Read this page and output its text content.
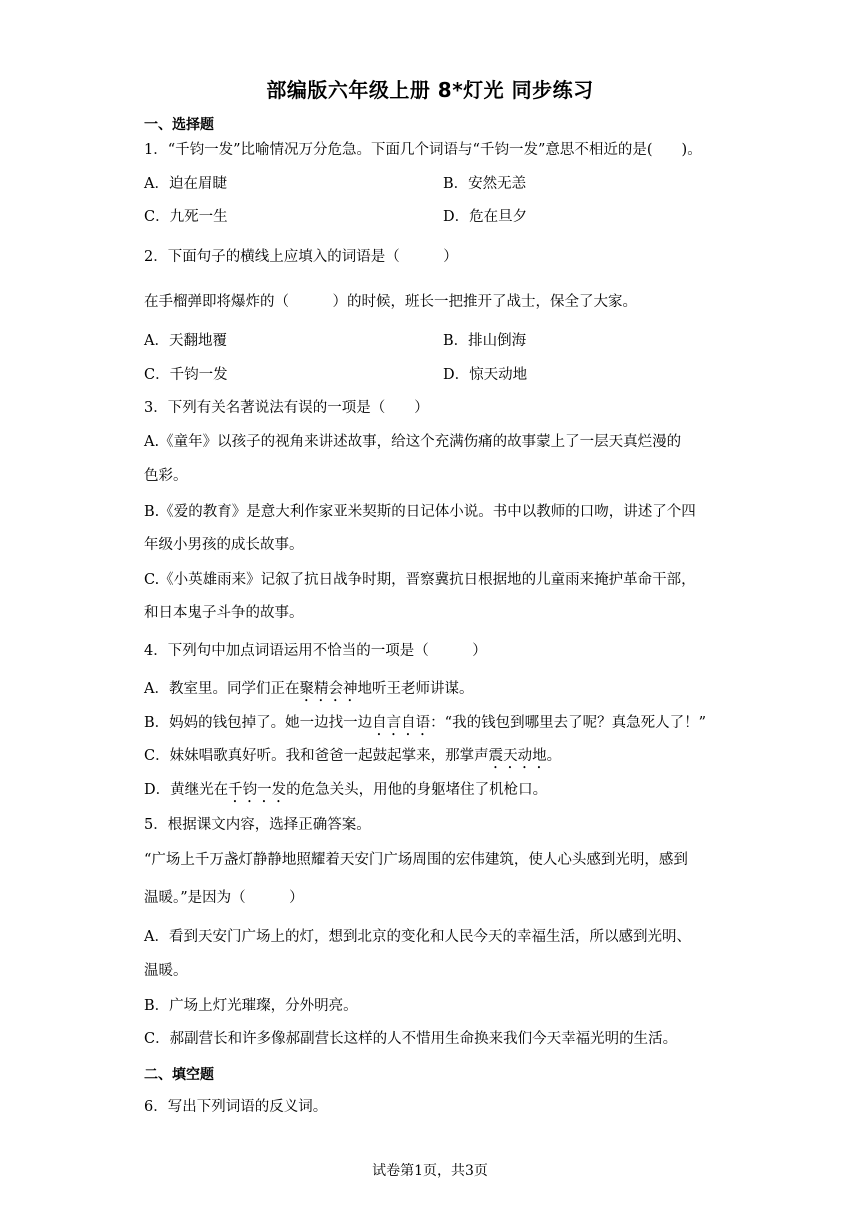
部编版六年级上册 8*灯光 同步练习
一、选择题
1．“千钧一发”比喻情况万分危急。下面几个词语与“千钧一发”意思不相近的是(　　)。
A．迫在眉睫	B．安然无恙
C．九死一生	D．危在旦夕
2．下面句子的横线上应填入的词语是（　　　）
在手榴弹即将爆炸的（　　　）的时候，班长一把推开了战士，保全了大家。
A．天翻地覆	B．排山倒海
C．千钧一发	D．惊天动地
3．下列有关名著说法有误的一项是（　　）
A.《童年》以孩子的视角来讲述故事，给这个充满伤痛的故事蒙上了一层天真烂漫的
色彩。
B.《爱的教育》是意大利作家亚米契斯的日记体小说。书中以教师的口吻，讲述了个四
年级小男孩的成长故事。
C.《小英雄雨来》记叙了抗日战争时期，晋察冀抗日根据地的儿童雨来掩护革命干部，
和日本鬼子斗争的故事。
4．下列句中加点词语运用不恰当的一项是（　　　）
A．教室里。同学们正在聚精会神地听王老师讲谋。
B．妈妈的钱包掉了。她一边找一边自言自语：“我的钱包到哪里去了呢？真急死人了！”
C．妹妹唱歌真好听。我和爸爸一起鼓起掌来，那掌声震天动地。
D．黄继光在千钧一发的危急关头，用他的身躯堵住了机枪口。
5．根据课文内容，选择正确答案。
“广场上千万盏灯静静地照耀着天安门广场周围的宏伟建筑，使人心头感到光明，感到
温暖。”是因为（　　　）
A．看到天安门广场上的灯，想到北京的变化和人民今天的幸福生活，所以感到光明、
温暖。
B．广场上灯光璀璨，分外明亮。
C．郝副营长和许多像郝副营长这样的人不惜用生命换来我们今天幸福光明的生活。
二、填空题
6．写出下列词语的反义词。
试卷第1页，共3页
